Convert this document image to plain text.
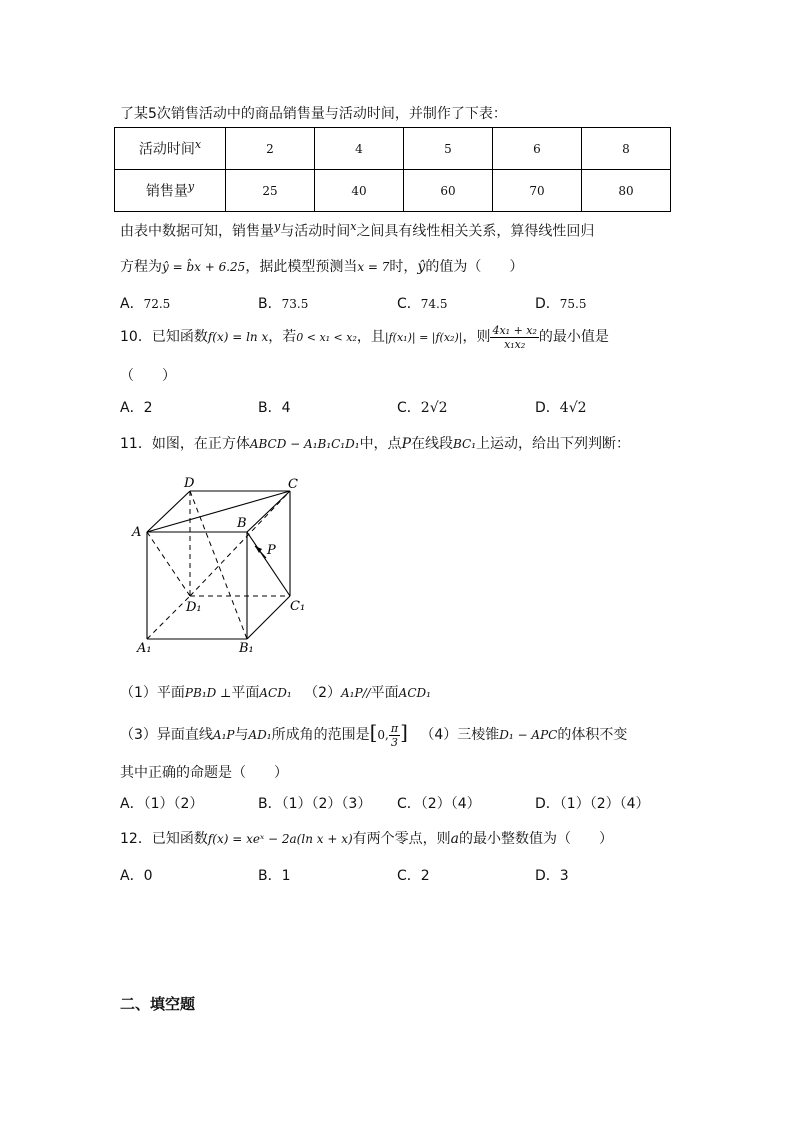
了某5次销售活动中的商品销售量与活动时间，并制作了下表：
活动时间$^x$	2	4	5	6	8
销售量$^y$	25	40	60	70	80
由表中数据可知，销售量$^y$与活动时间$^x$之间具有线性相关关系，算得线性回归
方程为ŷ = b̂x + 6.25，据此模型预测当x = 7时，ŷ的值为（　　）
A．72.5	B．73.5	C．74.5	D．75.5
10．已知函数f(x) = ln x，若0 < x₁ < x₂，且|f(x₁)| = |f(x₂)|，则 $\frac{\text{4x₁ + x₂}}{\text{x₁x₂}}$ 的最小值是
（　　）
A．2	B．4	C．2√2	D．4√2
11．如图，在正方体ABCD − A₁B₁C₁D₁中，点P在线段BC₁上运动，给出下列判断：
D	C
A
B
P
D₁	C₁
A₁	B₁
（1）平面PB₁D ⊥平面ACD₁ （2）A₁P//平面ACD₁
（3）异面直线A₁P与AD₁所成角的范围是[0, $\frac{\pi}{3}$ ] （4）三棱锥D₁ − APC的体积不变
其中正确的命题是（　　）
A．（1）（2）	B．（1）（2）（3） C．（2）（4）	D．（1）（2）（4）
12．已知函数f(x) = xeˣ − 2a(ln x + x)有两个零点，则a的最小整数值为（　　）
A．0	B．1	C．2	D．3
二、填空题
